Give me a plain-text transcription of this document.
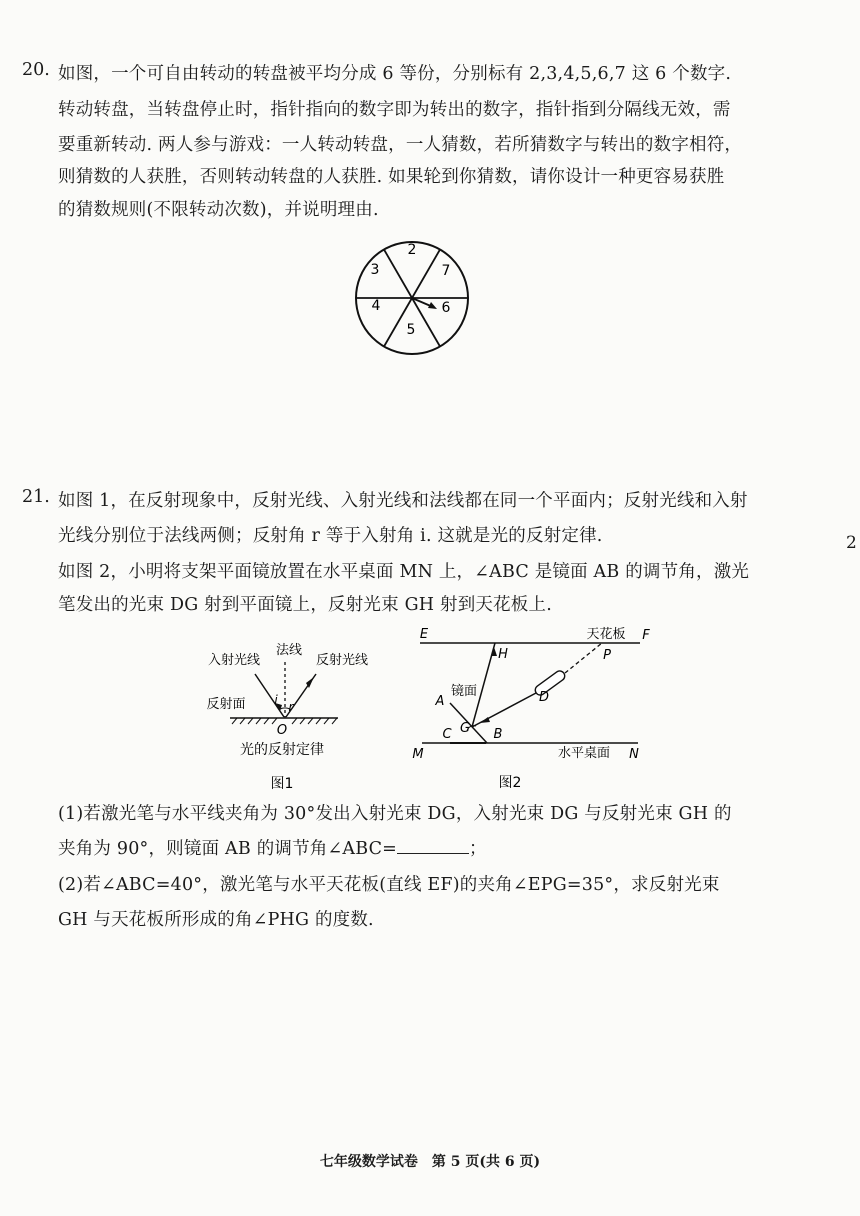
20. 如图，一个可自由转动的转盘被平均分成 6 等份，分别标有 2,3,4,5,6,7 这 6 个数字.
转动转盘，当转盘停止时，指针指向的数字即为转出的数字，指针指到分隔线无效，需
要重新转动. 两人参与游戏：一人转动转盘，一人猜数，若所猜数字与转出的数字相符，
则猜数的人获胜，否则转动转盘的人获胜. 如果轮到你猜数，请你设计一种更容易获胜
的猜数规则(不限转动次数)，并说明理由.
2
7
6
5
4
3
21. 如图 1，在反射现象中，反射光线、入射光线和法线都在同一个平面内；反射光线和入射
光线分别位于法线两侧；反射角 r 等于入射角 i. 这就是光的反射定律.
如图 2，小明将支架平面镜放置在水平桌面 MN 上，∠ABC 是镜面 AB 的调节角，激光
笔发出的光束 DG 射到平面镜上，反射光束 GH 射到天花板上.
2
入射光线
法线
反射光线
反射面 i r
O
光的反射定律
图1
E	天花板 F
M	水平桌面 N
A
镜面
C	B
G
H
D
P
图2
(1)若激光笔与水平线夹角为 30°发出入射光束 DG，入射光束 DG 与反射光束 GH 的
夹角为 90°，则镜面 AB 的调节角∠ABC=	；
(2)若∠ABC=40°，激光笔与水平天花板(直线 EF)的夹角∠EPG=35°，求反射光束
GH 与天花板所形成的角∠PHG 的度数.
七年级数学试卷　第 5 页(共 6 页)
